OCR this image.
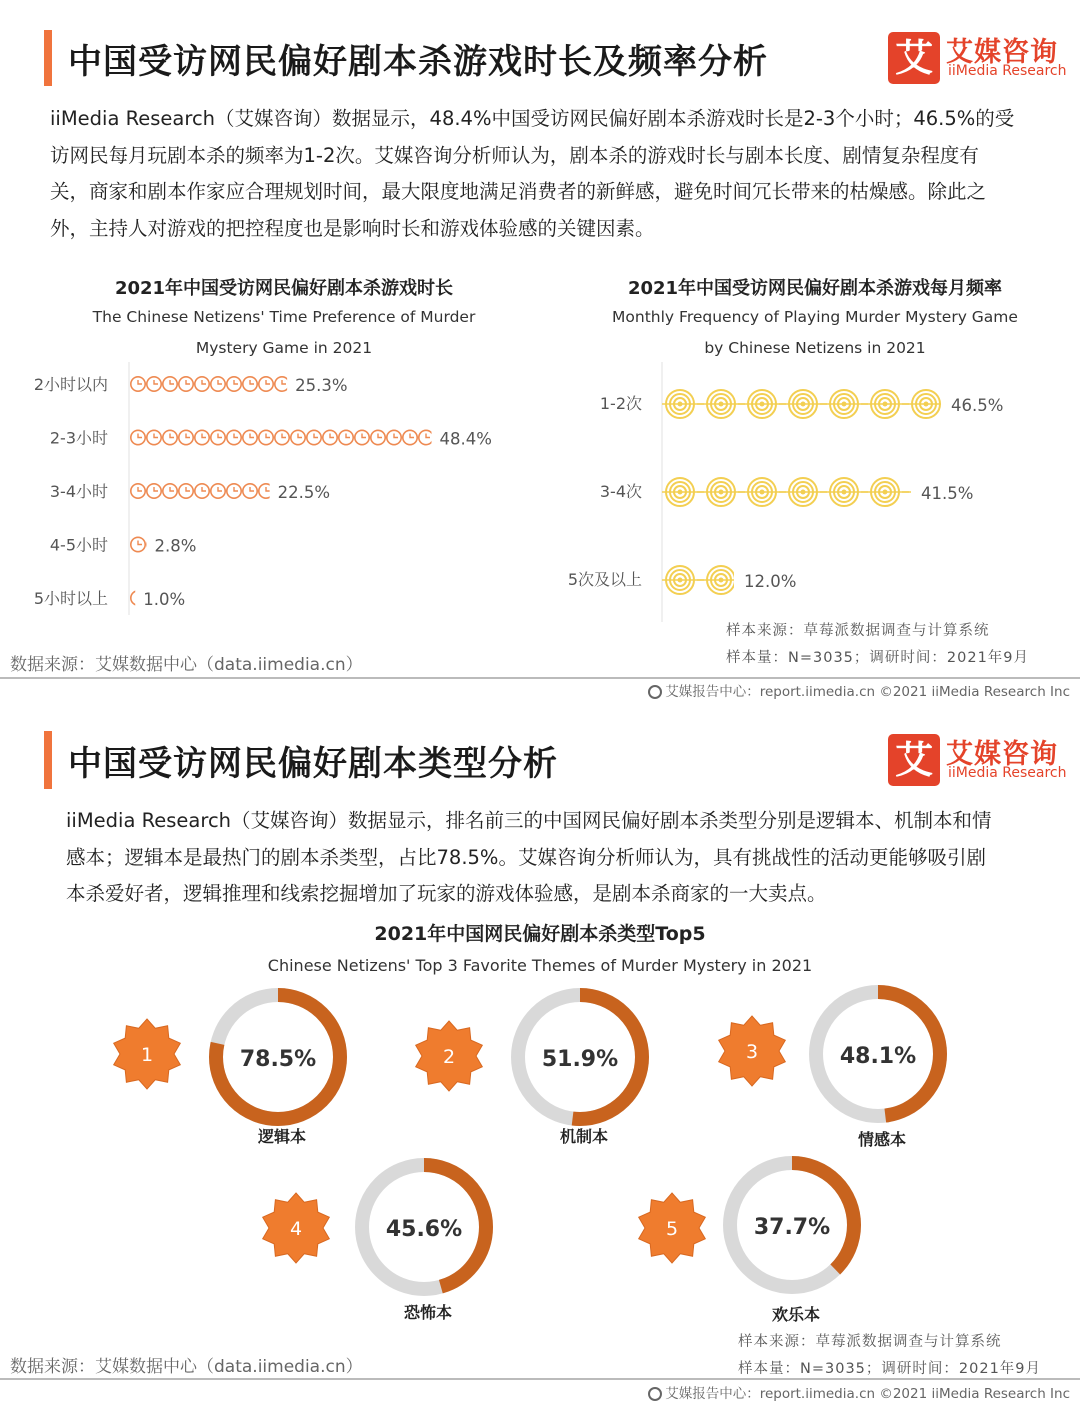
中国受访网民偏好剧本杀游戏时长及频率分析	艾 艾媒咨询
iiMedia Research
iiMedia Research（艾媒咨询）数据显示，48.4%中国受访网民偏好剧本杀游戏时长是2-3个小时；46.5%的受
访网民每月玩剧本杀的频率为1-2次。艾媒咨询分析师认为，剧本杀的游戏时长与剧本长度、剧情复杂程度有
关，商家和剧本作家应合理规划时间，最大限度地满足消费者的新鲜感，避免时间冗长带来的枯燥感。除此之
外，主持人对游戏的把控程度也是影响时长和游戏体验感的关键因素。
2021年中国受访网民偏好剧本杀游戏时长
The Chinese Netizens' Time Preference of Murder
Mystery Game in 2021
2021年中国受访网民偏好剧本杀游戏每月频率
Monthly Frequency of Playing Murder Mystery Game
by Chinese Netizens in 2021
2小时以内	25.3%
2-3小时	48.4%
3-4小时	22.5%
4-5小时	2.8%
5小时以上 1.0%
1-2次	46.5%
3-4次	41.5%
5次及以上	12.0%
数据来源：艾媒数据中心（data.iimedia.cn）
样本来源：草莓派数据调查与计算系统
样本量：N=3035；调研时间：2021年9月
艾媒报告中心：report.iimedia.cn ©2021 iiMedia Research Inc
中国受访网民偏好剧本类型分析	艾 艾媒咨询
iiMedia Research
iiMedia Research（艾媒咨询）数据显示，排名前三的中国网民偏好剧本杀类型分别是逻辑本、机制本和情
感本；逻辑本是最热门的剧本杀类型，占比78.5%。艾媒咨询分析师认为，具有挑战性的活动更能够吸引剧
本杀爱好者，逻辑推理和线索挖掘增加了玩家的游戏体验感，是剧本杀商家的一大卖点。
2021年中国网民偏好剧本杀类型Top5
Chinese Netizens' Top 3 Favorite Themes of Murder Mystery in 2021
1	78.5%
逻辑本
2	51.9%
机制本
3	48.1%
情感本
4	45.6%
恐怖本
5	37.7%
欢乐本
数据来源：艾媒数据中心（data.iimedia.cn）
样本来源：草莓派数据调查与计算系统
样本量：N=3035；调研时间：2021年9月
艾媒报告中心：report.iimedia.cn ©2021 iiMedia Research Inc
